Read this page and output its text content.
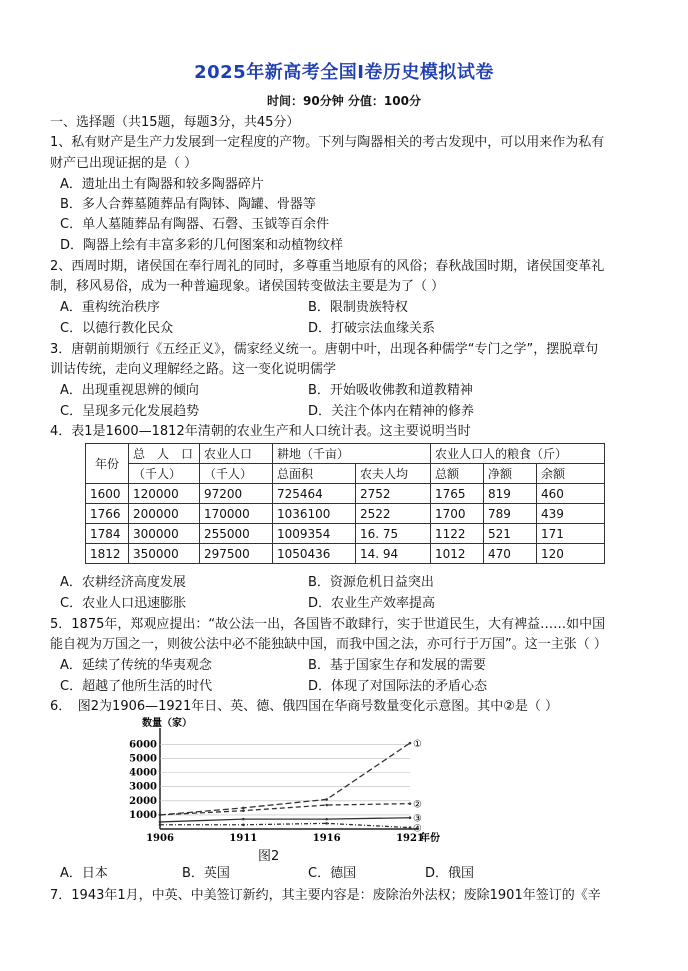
2025年新高考全国Ⅰ卷历史模拟试卷
时间：90分钟 分值：100分
一、选择题（共15题，每题3分，共45分）
1、私有财产是生产力发展到一定程度的产物。下列与陶器相关的考古发现中，可以用来作为私有
财产已出现证据的是（ ）
A．遗址出土有陶器和较多陶器碎片
B．多人合葬墓随葬品有陶钵、陶罐、骨器等
C．单人墓随葬品有陶器、石磬、玉钺等百余件
D．陶器上绘有丰富多彩的几何图案和动植物纹样
2、西周时期，诸侯国在奉行周礼的同时，多尊重当地原有的风俗；春秋战国时期，诸侯国变革礼
制，移风易俗，成为一种普遍现象。诸侯国转变做法主要是为了（ ）
A．重构统治秩序	B．限制贵族特权
C．以德行教化民众	D．打破宗法血缘关系
3．唐朝前期颁行《五经正义》，儒家经义统一。唐朝中叶，出现各种儒学“专门之学”，摆脱章句
训诂传统，走向义理解经之路。这一变化说明儒学
A．出现重视思辨的倾向	B．开始吸收佛教和道教精神
C．呈现多元化发展趋势	D．关注个体内在精神的修养
4．表1是1600—1812年清朝的农业生产和人口统计表。这主要说明当时
年份	总　人　口	农业人口	耕地（千亩）		农业人口人的粮食（斤）		
	（千人）	（千人）	总面积	农夫人均	总额	净额	余额
1600	120000	97200	725464	2752	1765	819	460
1766	200000	170000	1036100	2522	1700	789	439
1784	300000	255000	1009354	16. 75	1122	521	171
1812	350000	297500	1050436	14. 94	1012	470	120
A．农耕经济高度发展	B．资源危机日益突出
C．农业人口迅速膨胀	D．农业生产效率提高
5．1875年，郑观应提出：“故公法一出，各国皆不敢肆行，实于世道民生，大有裨益……如中国
能自视为万国之一，则彼公法中必不能独缺中国，而我中国之法，亦可行于万国”。这一主张（ ）
A．延续了传统的华夷观念	B．基于国家生存和发展的需要
C．超越了他所生活的时代	D．体现了对国际法的矛盾心态
6．　图2为1906—1921年日、英、德、俄四国在华商号数量变化示意图。其中②是（ ）
6000
5000
4000
3000
2000
1000
1906	1911	1916	1921
数量（家）
年份
①
②
③
④
图2
A．日本	B．英国	C．德国	D．俄国
7．1943年1月，中英、中美签订新约，其主要内容是：废除治外法权；废除1901年签订的《辛
